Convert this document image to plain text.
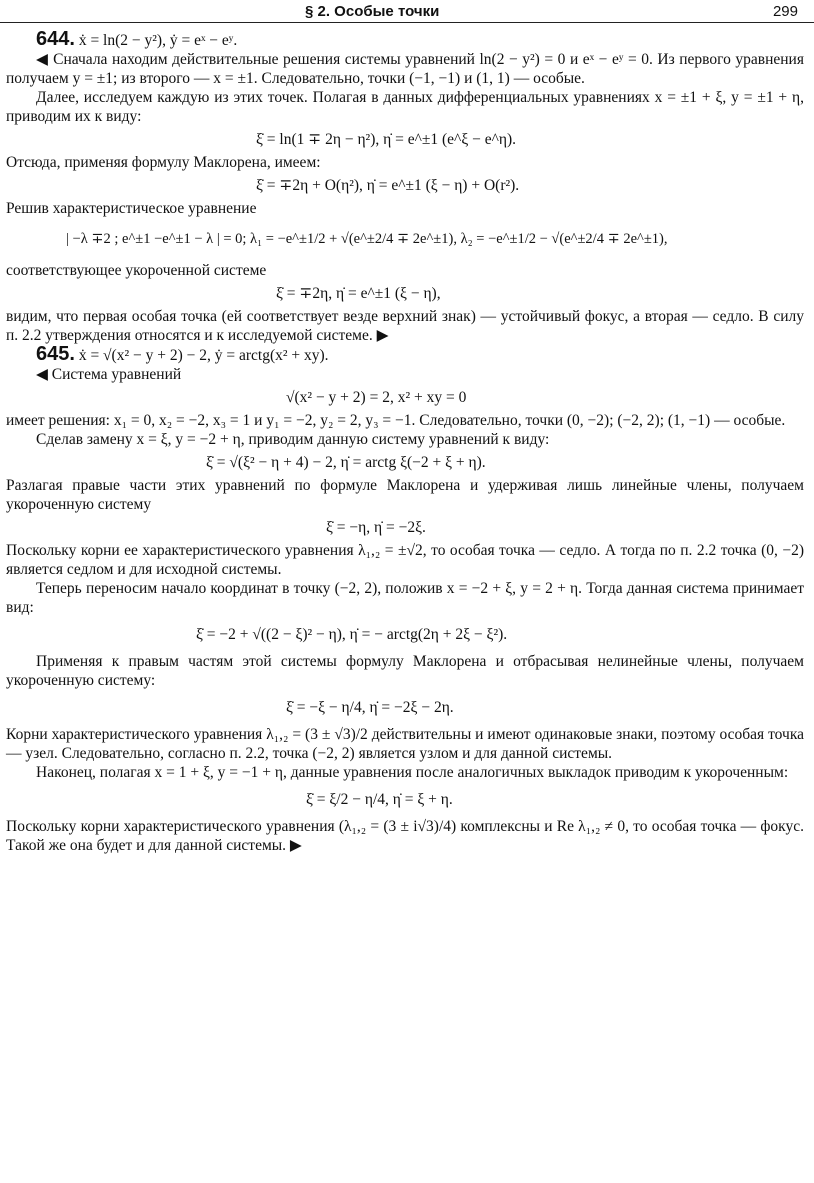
§ 2. Особые точки	299

644. ẋ = ln(2 − y²), ẏ = eˣ − eʸ.

◀ Сначала находим действительные решения системы уравнений ln(2 − y²) = 0 и eˣ − eʸ = 0. Из первого уравнения получаем y = ±1; из второго — x = ±1. Следовательно, точки (−1, −1) и (1, 1) — особые.

Далее, исследуем каждую из этих точек. Полагая в данных дифференциальных уравнениях x = ±1 + ξ, y = ±1 + η, приводим их к виду:

ξ̇ = ln(1 ∓ 2η − η²), η̇ = e^±1 (e^ξ − e^η).

Отсюда, применяя формулу Маклорена, имеем:

ξ̇ = ∓2η + O(η²), η̇ = e^±1 (ξ − η) + O(r²).

Решив характеристическое уравнение

| −λ ∓2 ; e^±1 −e^±1 − λ | = 0; λ₁ = −e^±1/2 + √(e^±2/4 ∓ 2e^±1), λ₂ = −e^±1/2 − √(e^±2/4 ∓ 2e^±1),

соответствующее укороченной системе

ξ̇ = ∓2η, η̇ = e^±1 (ξ − η),

видим, что первая особая точка (ей соответствует везде верхний знак) — устойчивый фокус, а вторая — седло. В силу п. 2.2 утверждения относятся и к исследуемой системе. ▶

645. ẋ = √(x² − y + 2) − 2, ẏ = arctg(x² + xy).

◀ Система уравнений

√(x² − y + 2) = 2, x² + xy = 0

имеет решения: x₁ = 0, x₂ = −2, x₃ = 1 и y₁ = −2, y₂ = 2, y₃ = −1. Следовательно, точки (0, −2); (−2, 2); (1, −1) — особые.

Сделав замену x = ξ, y = −2 + η, приводим данную систему уравнений к виду:

ξ̇ = √(ξ² − η + 4) − 2, η̇ = arctg ξ(−2 + ξ + η).

Разлагая правые части этих уравнений по формуле Маклорена и удерживая лишь линейные члены, получаем укороченную систему

ξ̇ = −η, η̇ = −2ξ.

Поскольку корни ее характеристического уравнения λ₁,₂ = ±√2, то особая точка — седло. А тогда по п. 2.2 точка (0, −2) является седлом и для исходной системы.

Теперь переносим начало координат в точку (−2, 2), положив x = −2 + ξ, y = 2 + η. Тогда данная система принимает вид:

ξ̇ = −2 + √((2 − ξ)² − η), η̇ = − arctg(2η + 2ξ − ξ²).

Применяя к правым частям этой системы формулу Маклорена и отбрасывая нелинейные члены, получаем укороченную систему:

ξ̇ = −ξ − η/4, η̇ = −2ξ − 2η.

Корни характеристического уравнения λ₁,₂ = (3 ± √3)/2 действительны и имеют одинаковые знаки, поэтому особая точка — узел. Следовательно, согласно п. 2.2, точка (−2, 2) является узлом и для данной системы.

Наконец, полагая x = 1 + ξ, y = −1 + η, данные уравнения после аналогичных выкладок приводим к укороченным:

ξ̇ = ξ/2 − η/4, η̇ = ξ + η.

Поскольку корни характеристического уравнения (λ₁,₂ = (3 ± i√3)/4) комплексны и Re λ₁,₂ ≠ 0, то особая точка — фокус. Такой же она будет и для данной системы. ▶
